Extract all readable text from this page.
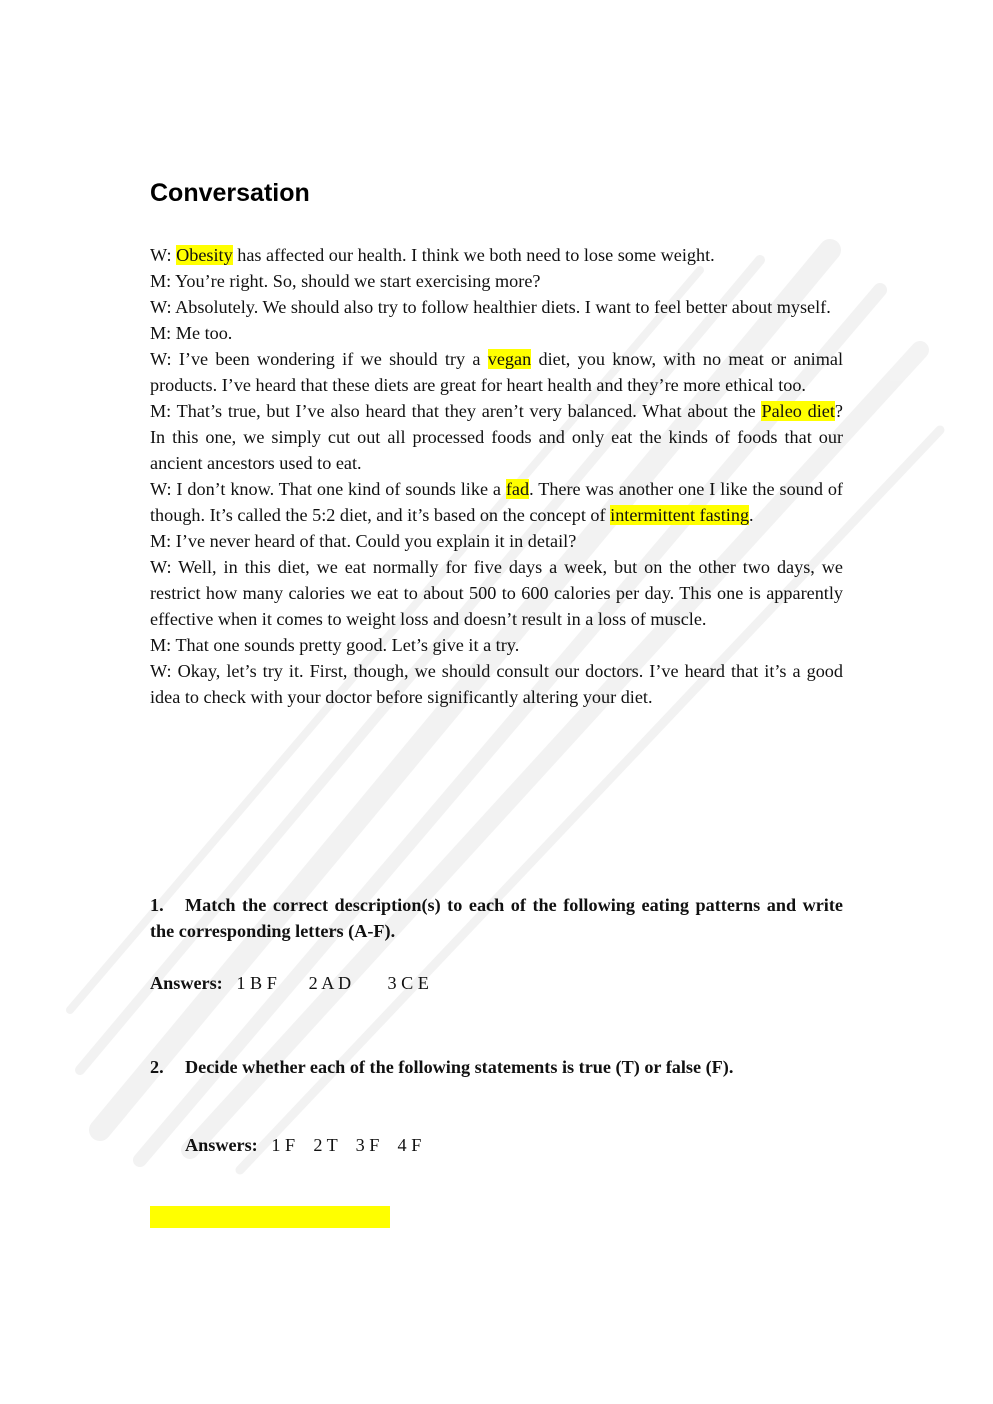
Conversation

W: Obesity has affected our health. I think we both need to lose some weight.

M: You’re right. So, should we start exercising more?

W: Absolutely. We should also try to follow healthier diets. I want to feel better about myself.

M: Me too.

W: I’ve been wondering if we should try a vegan diet, you know, with no meat or animal products. I’ve heard that these diets are great for heart health and they’re more ethical too.

M: That’s true, but I’ve also heard that they aren’t very balanced. What about the Paleo diet? In this one, we simply cut out all processed foods and only eat the kinds of foods that our ancient ancestors used to eat.

W: I don’t know. That one kind of sounds like a fad. There was another one I like the sound of though. It’s called the 5:2 diet, and it’s based on the concept of intermittent fasting.

M: I’ve never heard of that. Could you explain it in detail?

W: Well, in this diet, we eat normally for five days a week, but on the other two days, we restrict how many calories we eat to about 500 to 600 calories per day. This one is apparently effective when it comes to weight loss and doesn’t result in a loss of muscle.

M: That one sounds pretty good. Let’s give it a try.

W: Okay, let’s try it. First, though, we should consult our doctors. I’ve heard that it’s a good idea to check with your doctor before significantly altering your diet.

1. Match the correct description(s) to each of the following eating patterns and write the corresponding letters (A-F).
Answers:   1 B F       2 A D        3 C E
2. Decide whether each of the following statements is true (T) or false (F).
Answers:   1 F    2 T    3 F    4 F
